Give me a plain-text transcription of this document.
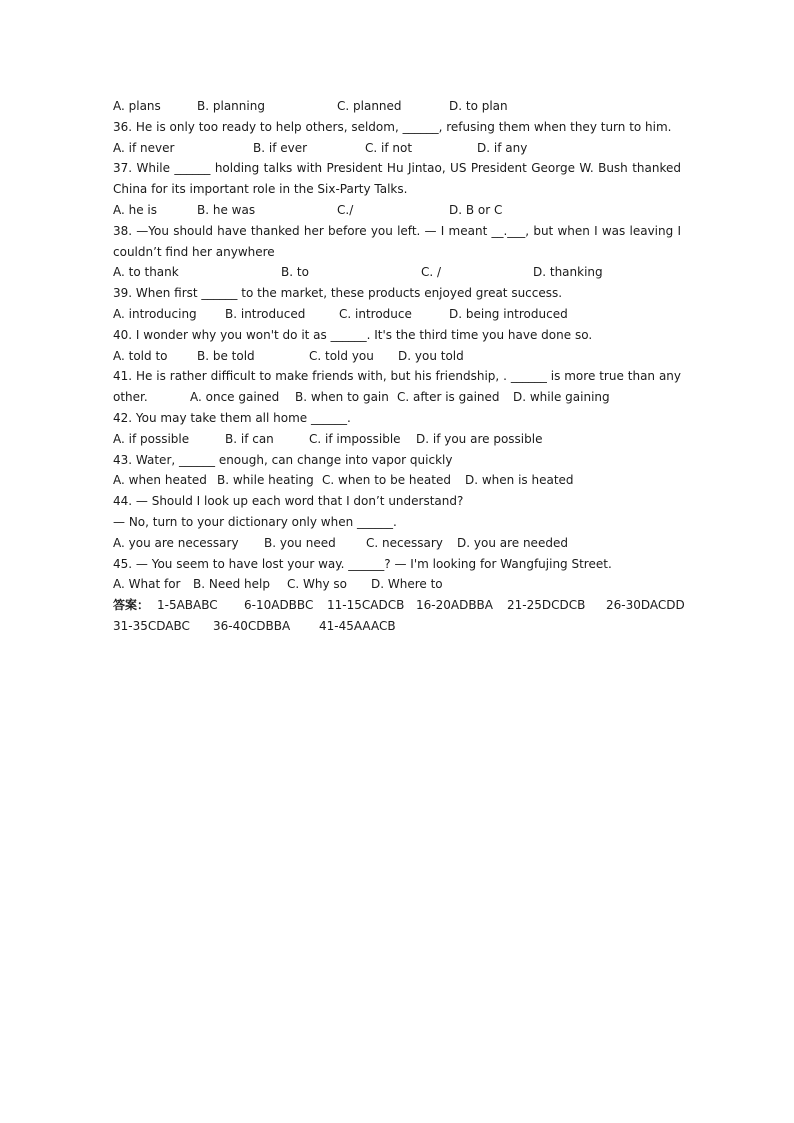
A. plans	B. planning	C. planned	D. to plan
36. He is only too ready to help others, seldom, ______, refusing them when they turn to him.
A. if never	B. if ever	C. if not	D. if any
37. While ______ holding talks with President Hu Jintao, US President George W. Bush thanked
China for its important role in the Six-Party Talks.
A. he is	B. he was	C./	D. B or C
38. —You should have thanked her before you left. — I meant __.___, but when I was leaving I
couldn’t find her anywhere
A. to thank	B. to	C. /	D. thanking
39. When first ______ to the market, these products enjoyed great success.
A. introducing B. introduced	C. introduce	D. being introduced
40. I wonder why you won't do it as ______. It's the third time you have done so.
A. told to B. be told	C. told you D. you told
41. He is rather difficult to make friends with, but his friendship, . ______ is more true than any
other.	A. once gained B. when to gain C. after is gained D. while gaining
42. You may take them all home ______.
A. if possible	B. if can	C. if impossible D. if you are possible
43. Water, ______ enough, can change into vapor quickly
A. when heated B. while heating C. when to be heated D. when is heated
44. — Should I look up each word that I don’t understand?
— No, turn to your dictionary only when ______.
A. you are necessary B. you need	C. necessary D. you are needed
45. — You seem to have lost your way. ______? — I'm looking for Wangfujing Street.
A. What for B. Need help C. Why so D. Where to
答案： 1-5ABABC 6-10ADBBC 11-15CADCB 16-20ADBBA 21-25DCDCB 26-30DACDD
31-35CDABC 36-40CDBBA 41-45AAACB
